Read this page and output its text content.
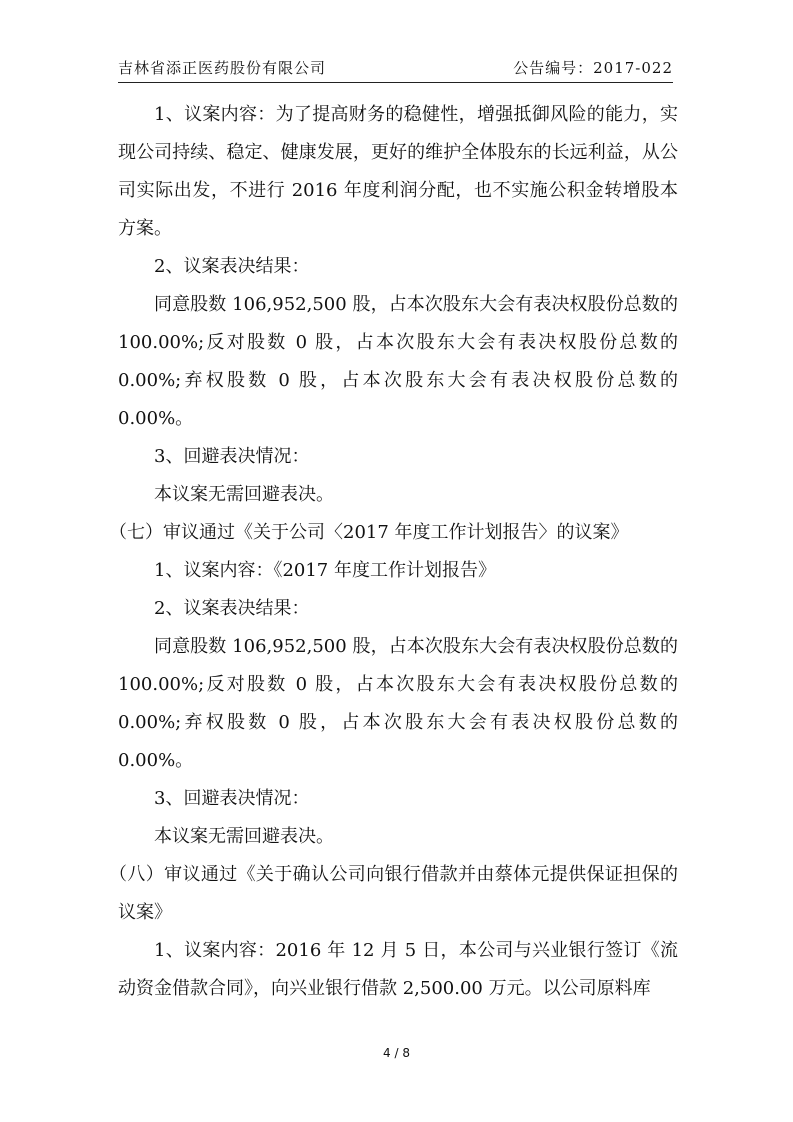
吉林省添正医药股份有限公司	公告编号：2017-022

1、议案内容：为了提高财务的稳健性，增强抵御风险的能力，实现公司持续、稳定、健康发展，更好的维护全体股东的长远利益，从公司实际出发，不进行 2016 年度利润分配，也不实施公积金转增股本方案。

2、议案表决结果：

同意股数 106,952,500 股，占本次股东大会有表决权股份总数的 100.00%;反对股数 0 股，占本次股东大会有表决权股份总数的 0.00%;弃权股数 0 股，占本次股东大会有表决权股份总数的 0.00%。

3、回避表决情况：

本议案无需回避表决。

（七）审议通过《关于公司〈2017 年度工作计划报告〉的议案》

1、议案内容：《2017 年度工作计划报告》

2、议案表决结果：

同意股数 106,952,500 股，占本次股东大会有表决权股份总数的 100.00%;反对股数 0 股，占本次股东大会有表决权股份总数的 0.00%;弃权股数 0 股，占本次股东大会有表决权股份总数的 0.00%。

3、回避表决情况：

本议案无需回避表决。

（八）审议通过《关于确认公司向银行借款并由蔡体元提供保证担保的议案》

1、议案内容：2016 年 12 月 5 日，本公司与兴业银行签订《流动资金借款合同》，向兴业银行借款 2,500.00 万元。以公司原料库

4 / 8
